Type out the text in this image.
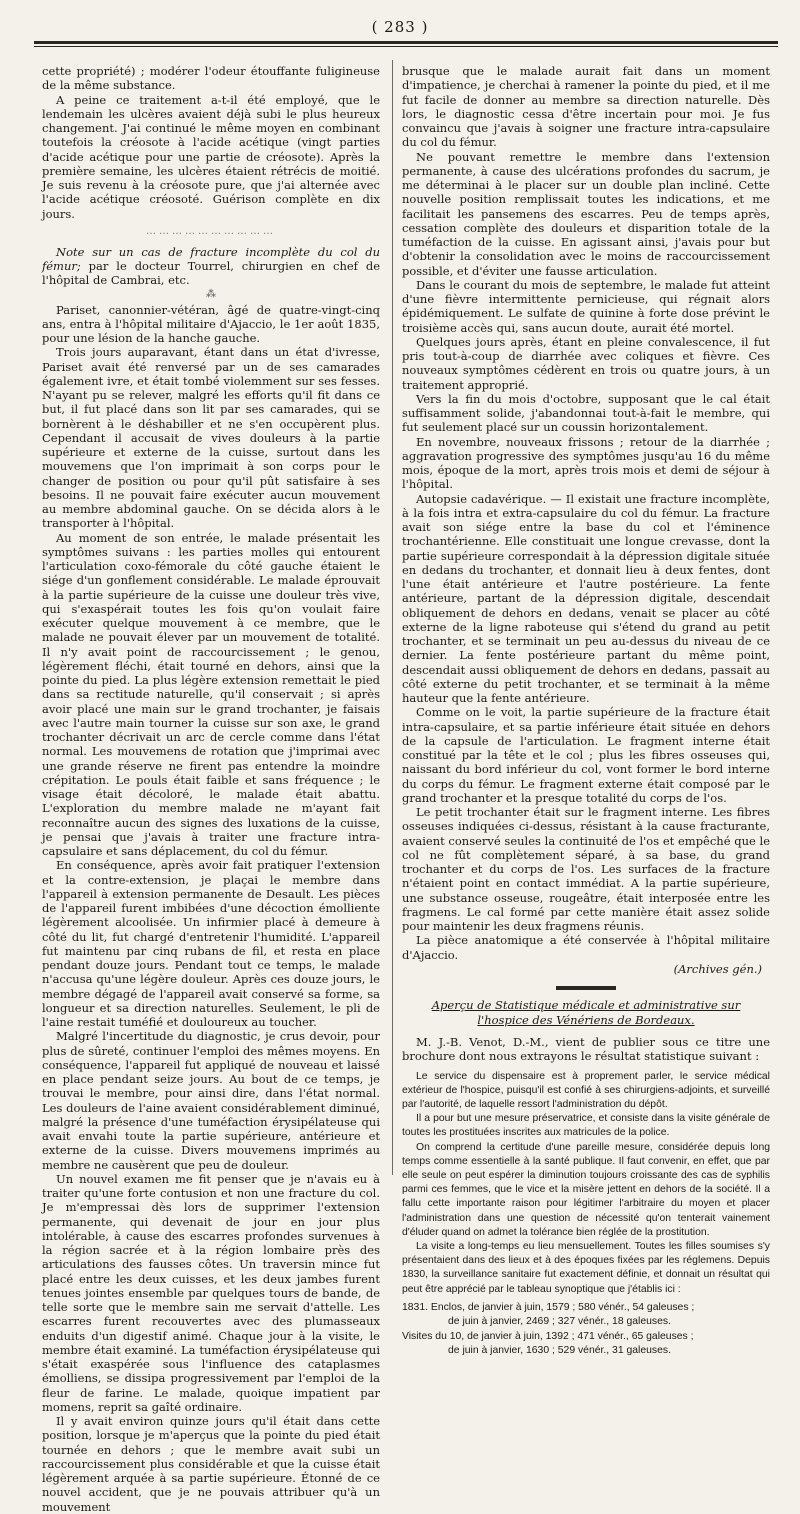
( 283 )

cette propriété) ; modérer l'odeur étouffante fuligineuse de la même substance.

A peine ce traitement a-t-il été employé, que le lendemain les ulcères avaient déjà subi le plus heureux changement. J'ai continué le même moyen en combinant toutefois la créosote à l'acide acétique (vingt parties d'acide acétique pour une partie de créosote). Après la première semaine, les ulcères étaient rétrécis de moitié. Je suis revenu à la créosote pure, que j'ai alternée avec l'acide acétique créosoté. Guérison complète en dix jours.

…………………………

Note sur un cas de fracture incomplète du col du fémur; par le docteur Tourrel, chirurgien en chef de l'hôpital de Cambrai, etc.

⁂

Pariset, canonnier-vétéran, âgé de quatre-vingt-cinq ans, entra à l'hôpital militaire d'Ajaccio, le 1er août 1835, pour une lésion de la hanche gauche.

Trois jours auparavant, étant dans un état d'ivresse, Pariset avait été renversé par un de ses camarades également ivre, et était tombé violemment sur ses fesses. N'ayant pu se relever, malgré les efforts qu'il fit dans ce but, il fut placé dans son lit par ses camarades, qui se bornèrent à le déshabiller et ne s'en occupèrent plus. Cependant il accusait de vives douleurs à la partie supérieure et externe de la cuisse, surtout dans les mouvemens que l'on imprimait à son corps pour le changer de position ou pour qu'il pût satisfaire à ses besoins. Il ne pouvait faire exécuter aucun mouvement au membre abdominal gauche. On se décida alors à le transporter à l'hôpital.

Au moment de son entrée, le malade présentait les symptômes suivans : les parties molles qui entourent l'articulation coxo-fémorale du côté gauche étaient le siége d'un gonflement considérable. Le malade éprouvait à la partie supérieure de la cuisse une douleur très vive, qui s'exaspérait toutes les fois qu'on voulait faire exécuter quelque mouvement à ce membre, que le malade ne pouvait élever par un mouvement de totalité. Il n'y avait point de raccourcissement ; le genou, légèrement fléchi, était tourné en dehors, ainsi que la pointe du pied. La plus légère extension remettait le pied dans sa rectitude naturelle, qu'il conservait ; si après avoir placé une main sur le grand trochanter, je faisais avec l'autre main tourner la cuisse sur son axe, le grand trochanter décrivait un arc de cercle comme dans l'état normal. Les mouvemens de rotation que j'imprimai avec une grande réserve ne firent pas entendre la moindre crépitation. Le pouls était faible et sans fréquence ; le visage était décoloré, le malade était abattu. L'exploration du membre malade ne m'ayant fait reconnaître aucun des signes des luxations de la cuisse, je pensai que j'avais à traiter une fracture intra-capsulaire et sans déplacement, du col du fémur.

En conséquence, après avoir fait pratiquer l'extension et la contre-extension, je plaçai le membre dans l'appareil à extension permanente de Desault. Les pièces de l'appareil furent imbibées d'une décoction émolliente légèrement alcoolisée. Un infirmier placé à demeure à côté du lit, fut chargé d'entretenir l'humidité. L'appareil fut maintenu par cinq rubans de fil, et resta en place pendant douze jours. Pendant tout ce temps, le malade n'accusa qu'une légère douleur. Après ces douze jours, le membre dégagé de l'appareil avait conservé sa forme, sa longueur et sa direction naturelles. Seulement, le pli de l'aine restait tuméfié et douloureux au toucher.

Malgré l'incertitude du diagnostic, je crus devoir, pour plus de sûreté, continuer l'emploi des mêmes moyens. En conséquence, l'appareil fut appliqué de nouveau et laissé en place pendant seize jours. Au bout de ce temps, je trouvai le membre, pour ainsi dire, dans l'état normal. Les douleurs de l'aine avaient considérablement diminué, malgré la présence d'une tuméfaction érysipélateuse qui avait envahi toute la partie supérieure, antérieure et externe de la cuisse. Divers mouvemens imprimés au membre ne causèrent que peu de douleur.

Un nouvel examen me fit penser que je n'avais eu à traiter qu'une forte contusion et non une fracture du col. Je m'empressai dès lors de supprimer l'extension permanente, qui devenait de jour en jour plus intolérable, à cause des escarres profondes survenues à la région sacrée et à la région lombaire près des articulations des fausses côtes. Un traversin mince fut placé entre les deux cuisses, et les deux jambes furent tenues jointes ensemble par quelques tours de bande, de telle sorte que le membre sain me servait d'attelle. Les escarres furent recouvertes avec des plumasseaux enduits d'un digestif animé. Chaque jour à la visite, le membre était examiné. La tuméfaction érysipélateuse qui s'était exaspérée sous l'influence des cataplasmes émolliens, se dissipa progressivement par l'emploi de la fleur de farine. Le malade, quoique impatient par momens, reprit sa gaîté ordinaire.

Il y avait environ quinze jours qu'il était dans cette position, lorsque je m'aperçus que la pointe du pied était tournée en dehors ; que le membre avait subi un raccourcissement plus considérable et que la cuisse était légèrement arquée à sa partie supérieure. Étonné de ce nouvel accident, que je ne pouvais attribuer qu'à un mouvement

brusque que le malade aurait fait dans un moment d'impatience, je cherchai à ramener la pointe du pied, et il me fut facile de donner au membre sa direction naturelle. Dès lors, le diagnostic cessa d'être incertain pour moi. Je fus convaincu que j'avais à soigner une fracture intra-capsulaire du col du fémur.

Ne pouvant remettre le membre dans l'extension permanente, à cause des ulcérations profondes du sacrum, je me déterminai à le placer sur un double plan incliné. Cette nouvelle position remplissait toutes les indications, et me facilitait les pansemens des escarres. Peu de temps après, cessation complète des douleurs et disparition totale de la tuméfaction de la cuisse. En agissant ainsi, j'avais pour but d'obtenir la consolidation avec le moins de raccourcissement possible, et d'éviter une fausse articulation.

Dans le courant du mois de septembre, le malade fut atteint d'une fièvre intermittente pernicieuse, qui régnait alors épidémiquement. Le sulfate de quinine à forte dose prévint le troisième accès qui, sans aucun doute, aurait été mortel.

Quelques jours après, étant en pleine convalescence, il fut pris tout-à-coup de diarrhée avec coliques et fièvre. Ces nouveaux symptômes cédèrent en trois ou quatre jours, à un traitement approprié.

Vers la fin du mois d'octobre, supposant que le cal était suffisamment solide, j'abandonnai tout-à-fait le membre, qui fut seulement placé sur un coussin horizontalement.

En novembre, nouveaux frissons ; retour de la diarrhée ; aggravation progressive des symptômes jusqu'au 16 du même mois, époque de la mort, après trois mois et demi de séjour à l'hôpital.

Autopsie cadavérique. — Il existait une fracture incomplète, à la fois intra et extra-capsulaire du col du fémur. La fracture avait son siége entre la base du col et l'éminence trochantérienne. Elle constituait une longue crevasse, dont la partie supérieure correspondait à la dépression digitale située en dedans du trochanter, et donnait lieu à deux fentes, dont l'une était antérieure et l'autre postérieure. La fente antérieure, partant de la dépression digitale, descendait obliquement de dehors en dedans, venait se placer au côté externe de la ligne raboteuse qui s'étend du grand au petit trochanter, et se terminait un peu au-dessus du niveau de ce dernier. La fente postérieure partant du même point, descendait aussi obliquement de dehors en dedans, passait au côté externe du petit trochanter, et se terminait à la même hauteur que la fente antérieure.

Comme on le voit, la partie supérieure de la fracture était intra-capsulaire, et sa partie inférieure était située en dehors de la capsule de l'articulation. Le fragment interne était constitué par la tête et le col ; plus les fibres osseuses qui, naissant du bord inférieur du col, vont former le bord interne du corps du fémur. Le fragment externe était composé par le grand trochanter et la presque totalité du corps de l'os.

Le petit trochanter était sur le fragment interne. Les fibres osseuses indiquées ci-dessus, résistant à la cause fracturante, avaient conservé seules la continuité de l'os et empêché que le col ne fût complètement séparé, à sa base, du grand trochanter et du corps de l'os. Les surfaces de la fracture n'étaient point en contact immédiat. A la partie supérieure, une substance osseuse, rougeâtre, était interposée entre les fragmens. Le cal formé par cette manière était assez solide pour maintenir les deux fragmens réunis.

La pièce anatomique a été conservée à l'hôpital militaire d'Ajaccio.

(Archives gén.)
Aperçu de Statistique médicale et administrative sur l'hospice des Vénériens de Bordeaux.

M. J.-B. Venot, D.-M., vient de publier sous ce titre une brochure dont nous extrayons le résultat statistique suivant :

Le service du dispensaire est à proprement parler, le service médical extérieur de l'hospice, puisqu'il est confié à ses chirurgiens-adjoints, et surveillé par l'autorité, de laquelle ressort l'administration du dépôt.

Il a pour but une mesure préservatrice, et consiste dans la visite générale de toutes les prostituées inscrites aux matricules de la police.

On comprend la certitude d'une pareille mesure, considérée depuis long temps comme essentielle à la santé publique. Il faut convenir, en effet, que par elle seule on peut espérer la diminution toujours croissante des cas de syphilis parmi ces femmes, que le vice et la misère jettent en dehors de la société. Il a fallu cette importante raison pour légitimer l'arbitraire du moyen et placer l'administration dans une question de nécessité qu'on tenterait vainement d'éluder quand on admet la tolérance bien réglée de la prostitution.

La visite a long-temps eu lieu mensuellement. Toutes les filles soumises s'y présentaient dans des lieux et à des époques fixées par les réglemens. Depuis 1830, la surveillance sanitaire fut exactement définie, et donnait un résultat qui peut être apprécié par le tableau synoptique que j'établis ici :

1831. Enclos, de janvier à juin, 1579 ; 580 vénér., 54 galeuses ;
de juin à janvier, 2469 ; 327 vénér., 18 galeuses.

Visites du 10, de janvier à juin, 1392 ; 471 vénér., 65 galeuses ;
de juin à janvier, 1630 ; 529 vénér., 31 galeuses.
